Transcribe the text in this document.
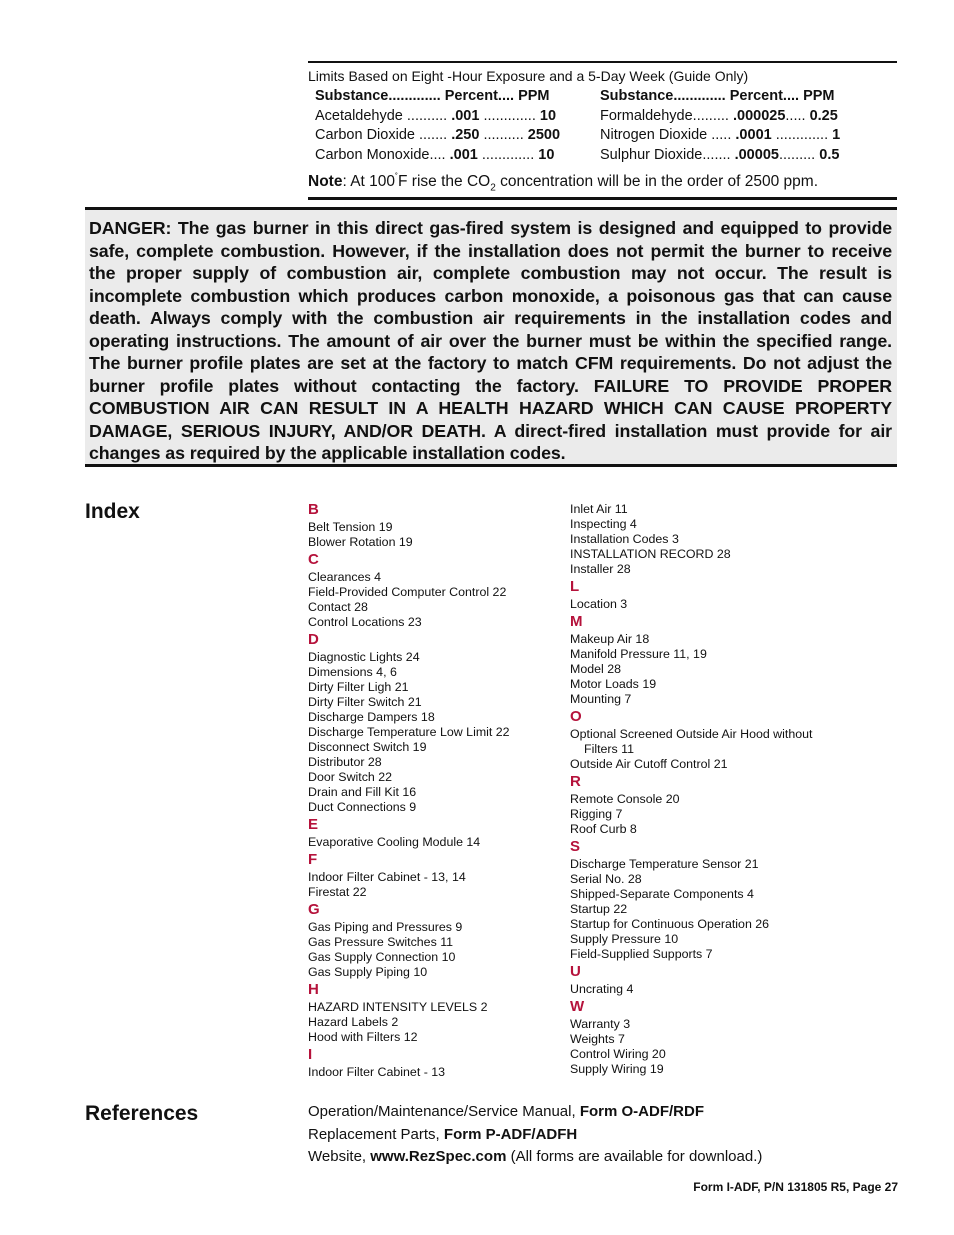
Limits Based on Eight -Hour Exposure and a 5-Day Week (Guide Only)
Substance............. Percent.... PPM	Substance............. Percent.... PPM
Acetaldehyde .......... .001 ............. 10	Formaldehyde......... .000025..... 0.25
Carbon Dioxide ....... .250 .......... 2500	Nitrogen Dioxide ..... .0001 ............. 1
Carbon Monoxide.... .001 ............. 10	Sulphur Dioxide....... .00005......... 0.5
Note: At 100˚F rise the $CO_2$ concentration will be in the order of 2500 ppm.

DANGER: The gas burner in this direct gas-fired system is designed and equipped to provide safe, complete combustion. However, if the installation does not permit the burner to receive the proper supply of combustion air, complete combustion may not occur. The result is incomplete combustion which produces carbon monoxide, a poisonous gas that can cause death. Always comply with the combustion air requirements in the installation codes and operating instructions. The amount of air over the burner must be within the specified range. The burner profile plates are set at the factory to match CFM requirements. Do not adjust the burner profile plates without contacting the factory. FAILURE TO PROVIDE PROPER COMBUSTION AIR CAN RESULT IN A HEALTH HAZARD WHICH CAN CAUSE PROPERTY DAMAGE, SERIOUS INJURY, AND/OR DEATH. A direct-fired installation must provide for air changes as required by the applicable installation codes.

Index	B
Belt Tension 19
Blower Rotation 19
C
Clearances 4
Field-Provided Computer Control 22
Contact 28
Control Locations 23
D
Diagnostic Lights 24
Dimensions 4, 6
Dirty Filter Ligh 21
Dirty Filter Switch 21
Discharge Dampers 18
Discharge Temperature Low Limit 22
Disconnect Switch 19
Distributor 28
Door Switch 22
Drain and Fill Kit 16
Duct Connections 9
E
Evaporative Cooling Module 14
F
Indoor Filter Cabinet - 13, 14
Firestat 22
G
Gas Piping and Pressures 9
Gas Pressure Switches 11
Gas Supply Connection 10
Gas Supply Piping 10
H
HAZARD INTENSITY LEVELS 2
Hazard Labels 2
Hood with Filters 12
I
Indoor Filter Cabinet - 13
Inlet Air 11
Inspecting 4
Installation Codes 3
INSTALLATION RECORD 28
Installer 28
L
Location 3
M
Makeup Air 18
Manifold Pressure 11, 19
Model 28
Motor Loads 19
Mounting 7
O
Optional Screened Outside Air Hood without
Filters 11
Outside Air Cutoff Control 21
R
Remote Console 20
Rigging 7
Roof Curb 8
S
Discharge Temperature Sensor 21
Serial No. 28
Shipped-Separate Components 4
Startup 22
Startup for Continuous Operation 26
Supply Pressure 10
Field-Supplied Supports 7
U
Uncrating 4
W
Warranty 3
Weights 7
Control Wiring 20
Supply Wiring 19
References	Operation/Maintenance/Service Manual, Form O-ADF/RDF
Replacement Parts, Form P-ADF/ADFH
Website, www.RezSpec.com (All forms are available for download.)
Form I-ADF, P/N 131805 R5, Page 27
